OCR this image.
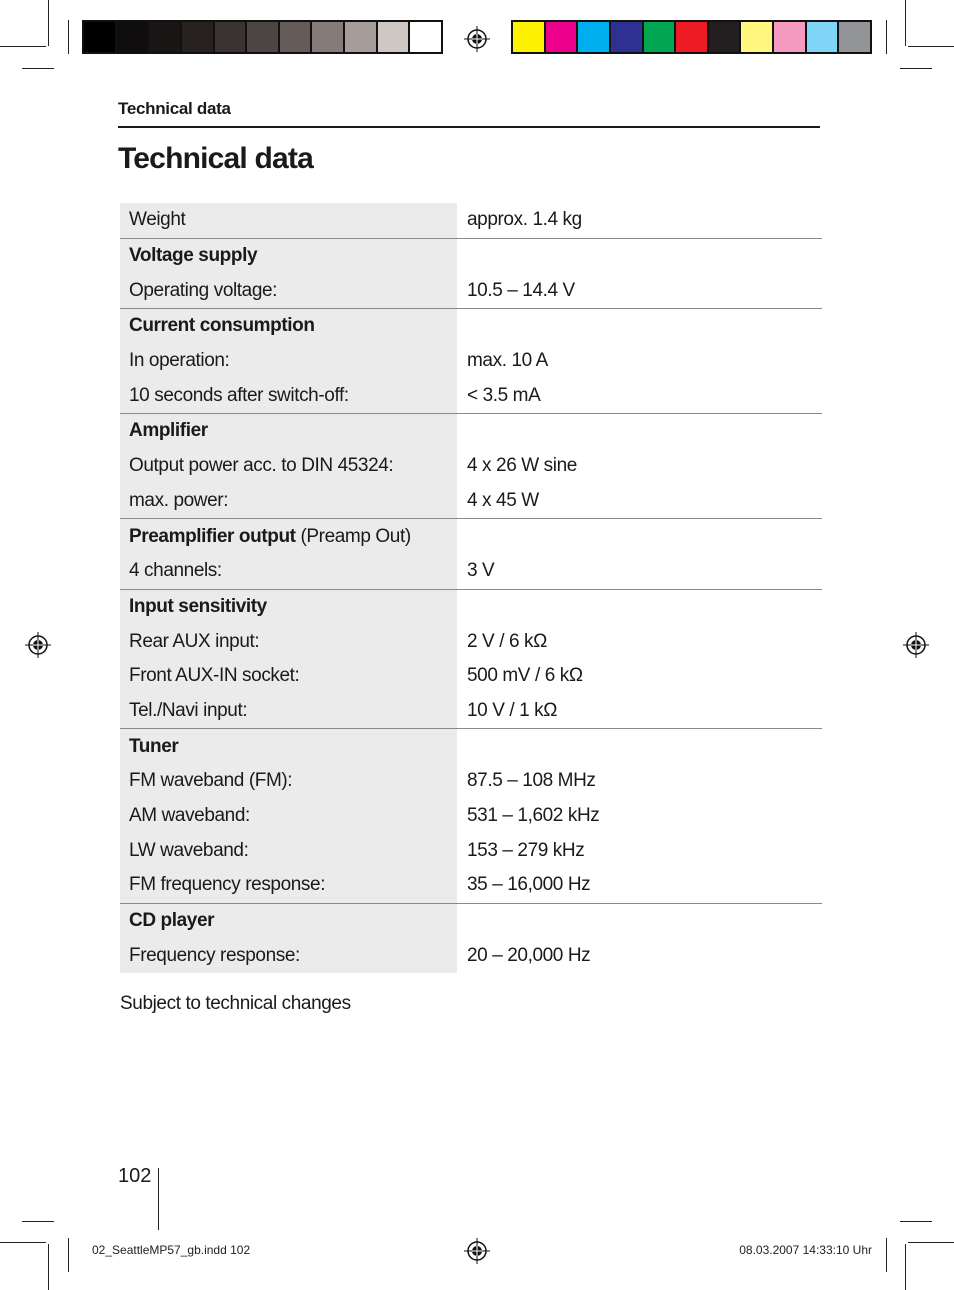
Technical data
Technical data
Weight	approx. 1.4 kg
Voltage supply
Operating voltage:	10.5 – 14.4 V
Current consumption
In operation:	max. 10 A
10 seconds after switch-off:	< 3.5 mA
Amplifier
Output power acc. to DIN 45324:	4 x 26 W sine
max. power:	4 x 45 W
Preamplifier output (Preamp Out)
4 channels:	3 V
Input sensitivity
Rear AUX input:	2 V / 6 kΩ
Front AUX-IN socket:	500 mV / 6 kΩ
Tel./Navi input:	10 V / 1 kΩ
Tuner
FM waveband (FM):	87.5 – 108 MHz
AM waveband:	531 – 1,602 kHz
LW waveband:	153 – 279 kHz
FM frequency response:	35 – 16,000 Hz
CD player
Frequency response:	20 – 20,000 Hz
Subject to technical changes
102
02_SeattleMP57_gb.indd 102	08.03.2007 14:33:10 Uhr
